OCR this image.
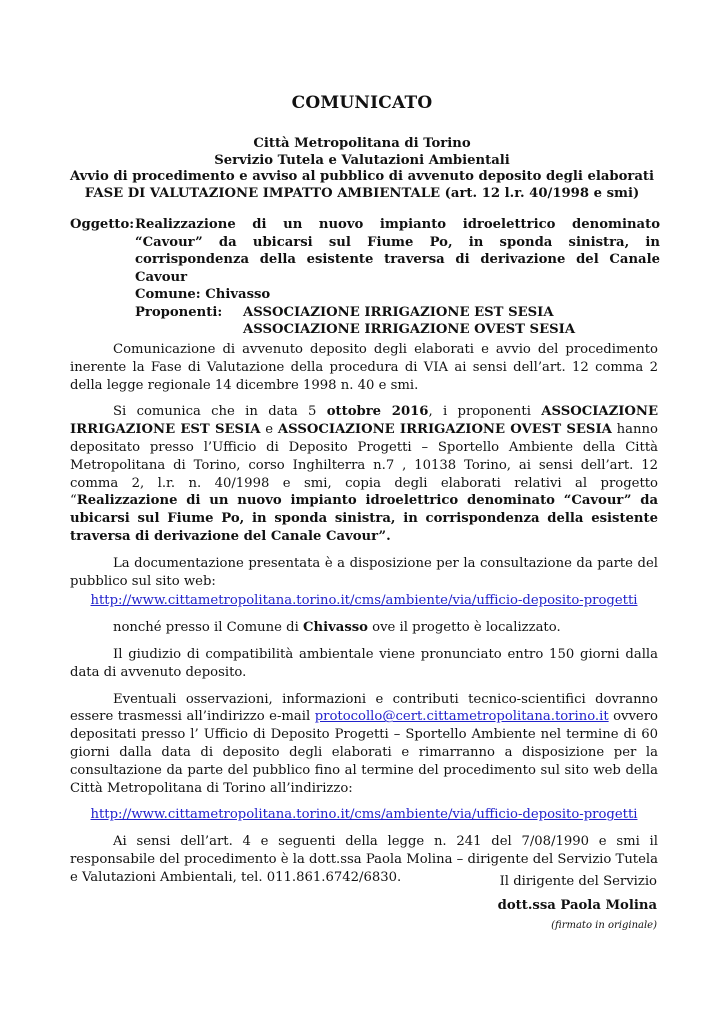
COMUNICATO
Città Metropolitana di Torino
Servizio Tutela e Valutazioni Ambientali
Avvio di procedimento e avviso al pubblico di avvenuto deposito degli elaborati
FASE DI VALUTAZIONE IMPATTO AMBIENTALE (art. 12 l.r. 40/1998 e smi)
Oggetto: Realizzazione di un nuovo impianto idroelettrico denominato “Cavour” da ubicarsi sul Fiume Po, in sponda sinistra, in corrispondenza della esistente traversa di derivazione del Canale Cavour
Comune: Chivasso
Proponenti:	ASSOCIAZIONE IRRIGAZIONE EST SESIA
ASSOCIAZIONE IRRIGAZIONE OVEST SESIA

Comunicazione di avvenuto deposito degli elaborati e avvio del procedimento inerente la Fase di Valutazione della procedura di VIA ai sensi dell’art. 12 comma 2 della legge regionale 14 dicembre 1998 n. 40 e smi.

Si comunica che in data 5 ottobre 2016, i proponenti ASSOCIAZIONE IRRIGAZIONE EST SESIA e ASSOCIAZIONE IRRIGAZIONE OVEST SESIA hanno depositato presso l’Ufficio di Deposito Progetti – Sportello Ambiente della Città Metropolitana di Torino, corso Inghilterra n.7 , 10138 Torino, ai sensi dell’art. 12 comma 2, l.r. n. 40/1998 e smi, copia degli elaborati relativi al progetto “Realizzazione di un nuovo impianto idroelettrico denominato “Cavour” da ubicarsi sul Fiume Po, in sponda sinistra, in corrispondenza della esistente traversa di derivazione del Canale Cavour”.

La documentazione presentata è a disposizione per la consultazione da parte del pubblico sul sito web:

http://www.cittametropolitana.torino.it/cms/ambiente/via/ufficio-deposito-progetti

nonché presso il Comune di Chivasso ove il progetto è localizzato.

Il giudizio di compatibilità ambientale viene pronunciato entro 150 giorni dalla data di avvenuto deposito.

Eventuali osservazioni, informazioni e contributi tecnico-scientifici dovranno essere trasmessi all’indirizzo e-mail protocollo@cert.cittametropolitana.torino.it ovvero depositati presso l’ Ufficio di Deposito Progetti – Sportello Ambiente nel termine di 60 giorni dalla data di deposito degli elaborati e rimarranno a disposizione per la consultazione da parte del pubblico fino al termine del procedimento sul sito web della Città Metropolitana di Torino all’indirizzo:

http://www.cittametropolitana.torino.it/cms/ambiente/via/ufficio-deposito-progetti

Ai sensi dell’art. 4 e seguenti della legge n. 241 del 7/08/1990 e smi il responsabile del procedimento è la dott.ssa Paola Molina – dirigente del Servizio Tutela e Valutazioni Ambientali, tel. 011.861.6742/6830.	Il dirigente del Servizio
dott.ssa Paola Molina
(firmato in originale)
